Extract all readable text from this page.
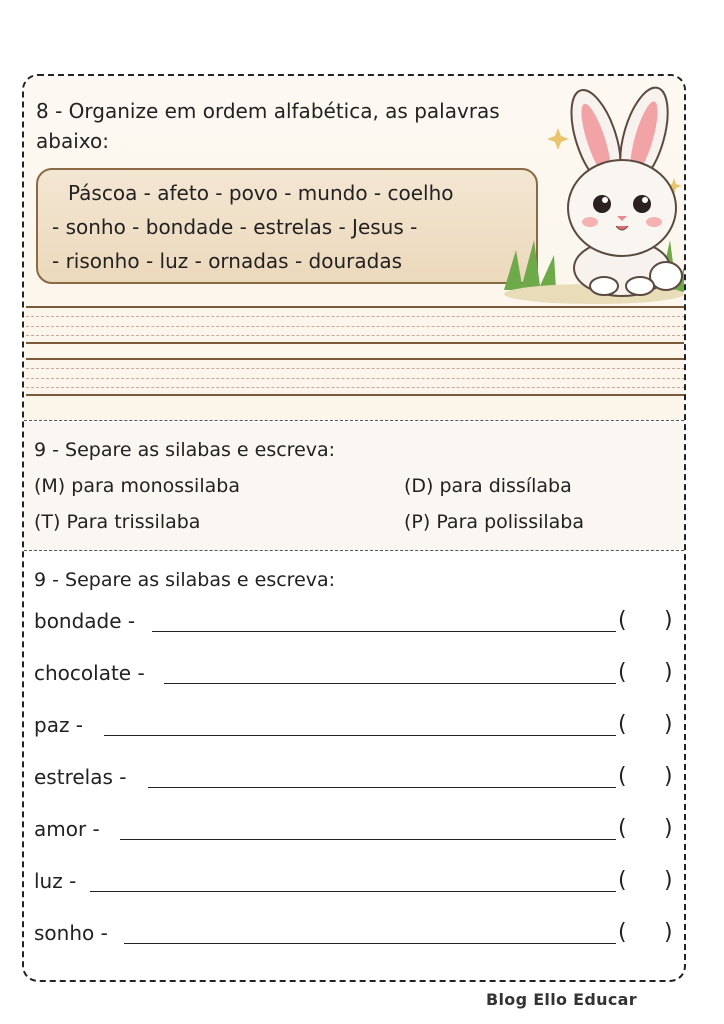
8 - Organize em ordem alfabética, as palavras
abaixo:
Páscoa - afeto - povo - mundo - coelho
- sonho - bondade - estrelas - Jesus -
- risonho - luz - ornadas - douradas
9 - Separe as silabas e escreva:
(M) para monossilaba	(D) para dissílaba
(T) Para trissilaba	(P) Para polissilaba
9 - Separe as silabas e escreva:
bondade -	( )
chocolate -	( )
paz -	( )
estrelas -	( )
amor -	( )
luz -	( )
sonho -	( )
Blog Ello Educar
